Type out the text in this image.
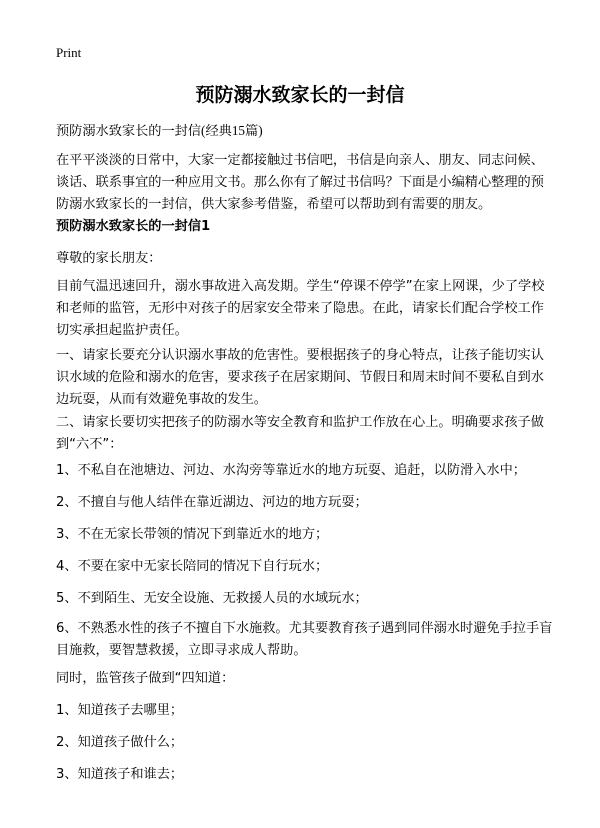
Print
预防溺水致家长的一封信

预防溺水致家长的一封信(经典15篇)

在平平淡淡的日常中，大家一定都接触过书信吧，书信是向亲人、朋友、同志问候、谈话、联系事宜的一种应用文书。那么你有了解过书信吗？下面是小编精心整理的预防溺水致家长的一封信，供大家参考借鉴，希望可以帮助到有需要的朋友。

预防溺水致家长的一封信1

尊敬的家长朋友：

目前气温迅速回升，溺水事故进入高发期。学生“停课不停学”在家上网课，少了学校和老师的监管，无形中对孩子的居家安全带来了隐患。在此，请家长们配合学校工作切实承担起监护责任。

一、请家长要充分认识溺水事故的危害性。要根据孩子的身心特点，让孩子能切实认识水域的危险和溺水的危害，要求孩子在居家期间、节假日和周末时间不要私自到水边玩耍，从而有效避免事故的发生。

二、请家长要切实把孩子的防溺水等安全教育和监护工作放在心上。明确要求孩子做到“六不”：

1、不私自在池塘边、河边、水沟旁等靠近水的地方玩耍、追赶，以防滑入水中；

2、不擅自与他人结伴在靠近湖边、河边的地方玩耍；

3、不在无家长带领的情况下到靠近水的地方；

4、不要在家中无家长陪同的情况下自行玩水；

5、不到陌生、无安全设施、无救援人员的水域玩水；

6、不熟悉水性的孩子不擅自下水施救。尤其要教育孩子遇到同伴溺水时避免手拉手盲目施救，要智慧救援，立即寻求成人帮助。

同时，监管孩子做到“四知道：

1、知道孩子去哪里；

2、知道孩子做什么；

3、知道孩子和谁去；
